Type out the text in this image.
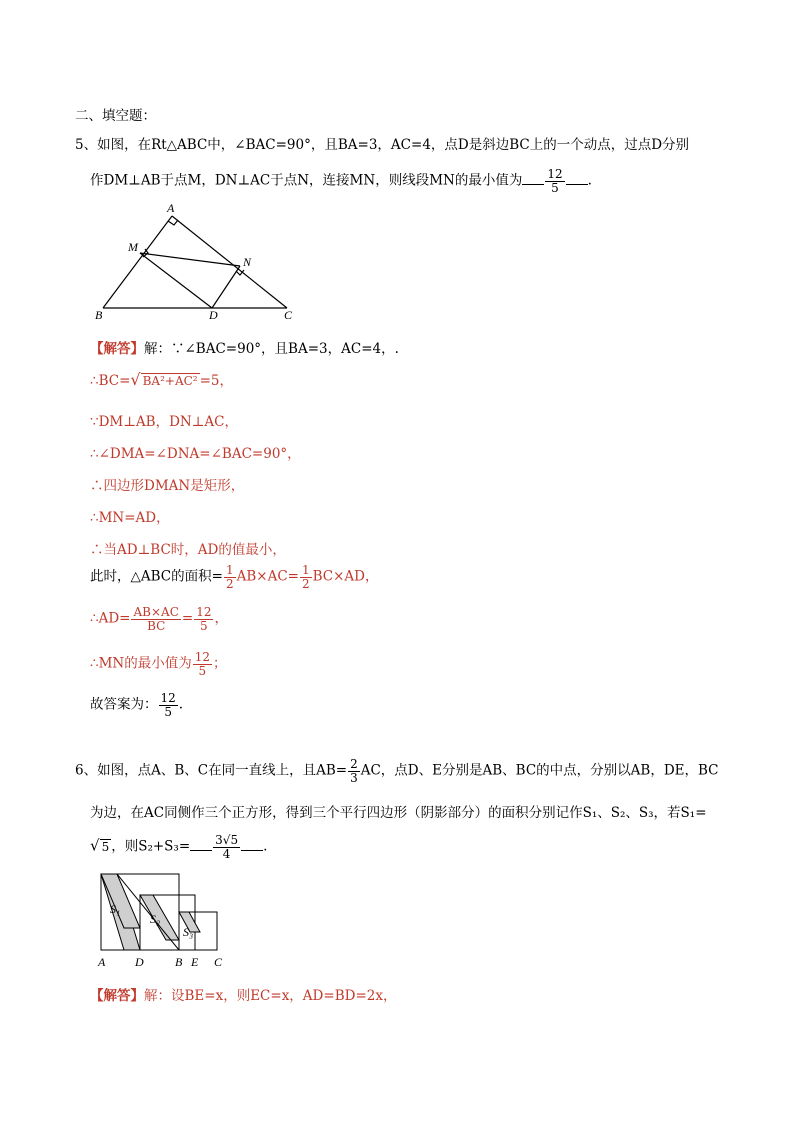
二、填空题：
5、如图，在Rt△ABC中，∠BAC=90°，且BA=3，AC=4，点D是斜边BC上的一个动点，过点D分别
作DM⊥AB于点M，DN⊥AC于点N，连接MN，则线段MN的最小值为 $\frac{12}{5}$ .
A
M
N
B	D	C
【解答】解：∵∠BAC=90°，且BA=3，AC=4，.
∴BC=√ BA²+AC² =5，
∵DM⊥AB，DN⊥AC，
∴∠DMA=∠DNA=∠BAC=90°，
∴四边形DMAN是矩形，
∴MN=AD，
∴当AD⊥BC时，AD的值最小，
此时，△ABC的面积= $\frac{1}{2} AB\times AC= \frac{1}{2} BC\times AD$，
∴AD= $\frac{AB\times AC}{BC} = \frac{12}{5}$ ，
∴MN的最小值为 $\frac{12}{5}$ ；
故答案为： $\frac{12}{5}$ .
6、如图，点A、B、C在同一直线上，且$AB= \frac{2}{3}$ AC，点D、E分别是AB、BC的中点，分别以AB，DE，BC
为边，在AC同侧作三个正方形，得到三个平行四边形（阴影部分）的面积分别记作S₁、S₂、S₃，若S₁=
√ 5 ，则$S_2+S_3= \frac{3√5}{4}$ .
S₁
S₂
S₃
A D	B E C
【解答】解：设BE=x，则EC=x，AD=BD=2x，
